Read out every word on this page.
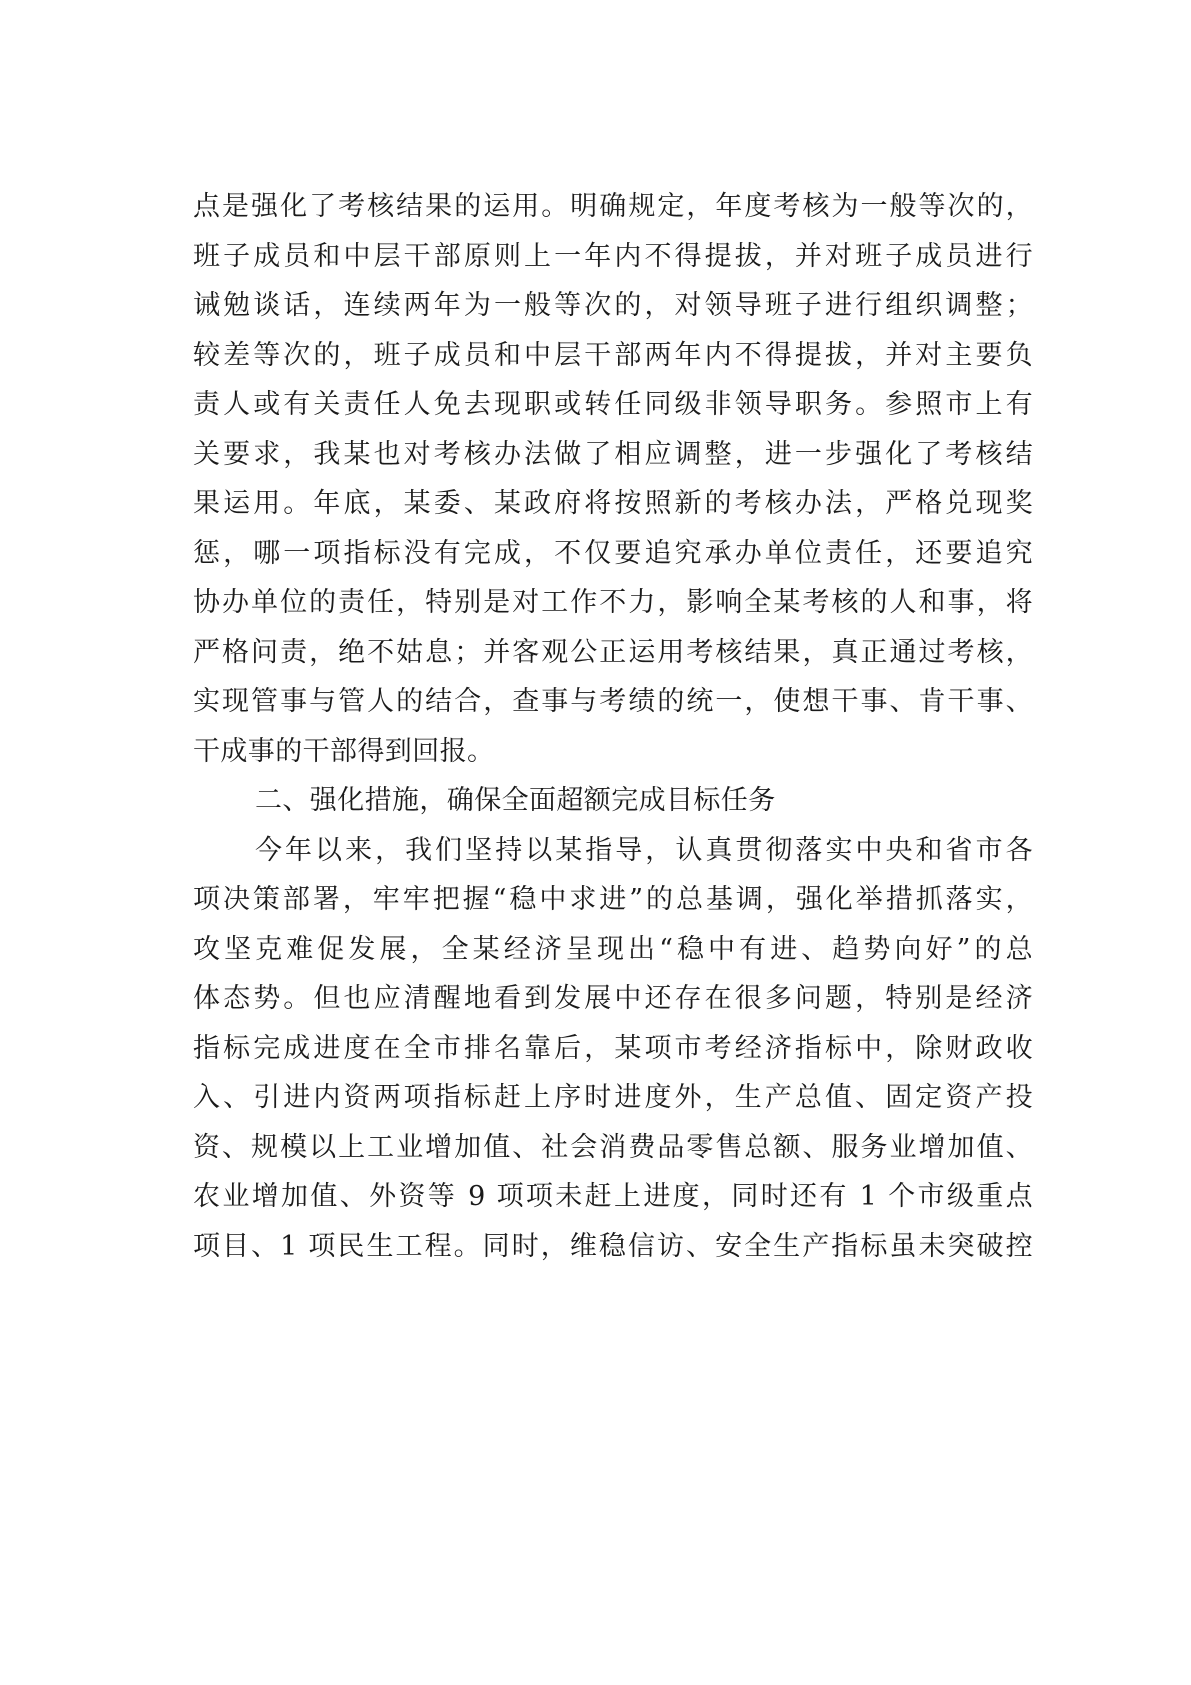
点是强化了考核结果的运用。明确规定，年度考核为一般等次的，
班子成员和中层干部原则上一年内不得提拔，并对班子成员进行
诫勉谈话，连续两年为一般等次的，对领导班子进行组织调整；
较差等次的，班子成员和中层干部两年内不得提拔，并对主要负
责人或有关责任人免去现职或转任同级非领导职务。参照市上有
关要求，我某也对考核办法做了相应调整，进一步强化了考核结
果运用。年底，某委、某政府将按照新的考核办法，严格兑现奖
惩，哪一项指标没有完成，不仅要追究承办单位责任，还要追究
协办单位的责任，特别是对工作不力，影响全某考核的人和事，将
严格问责，绝不姑息；并客观公正运用考核结果，真正通过考核，
实现管事与管人的结合，查事与考绩的统一，使想干事、肯干事、
干成事的干部得到回报。
二、强化措施，确保全面超额完成目标任务
今年以来，我们坚持以某指导，认真贯彻落实中央和省市各
项决策部署，牢牢把握“稳中求进”的总基调，强化举措抓落实，
攻坚克难促发展，全某经济呈现出“稳中有进、趋势向好”的总
体态势。但也应清醒地看到发展中还存在很多问题，特别是经济
指标完成进度在全市排名靠后，某项市考经济指标中，除财政收
入、引进内资两项指标赶上序时进度外，生产总值、固定资产投
资、规模以上工业增加值、社会消费品零售总额、服务业增加值、
农业增加值、外资等 9 项项未赶上进度，同时还有 1 个市级重点
项目、1 项民生工程。同时，维稳信访、安全生产指标虽未突破控
